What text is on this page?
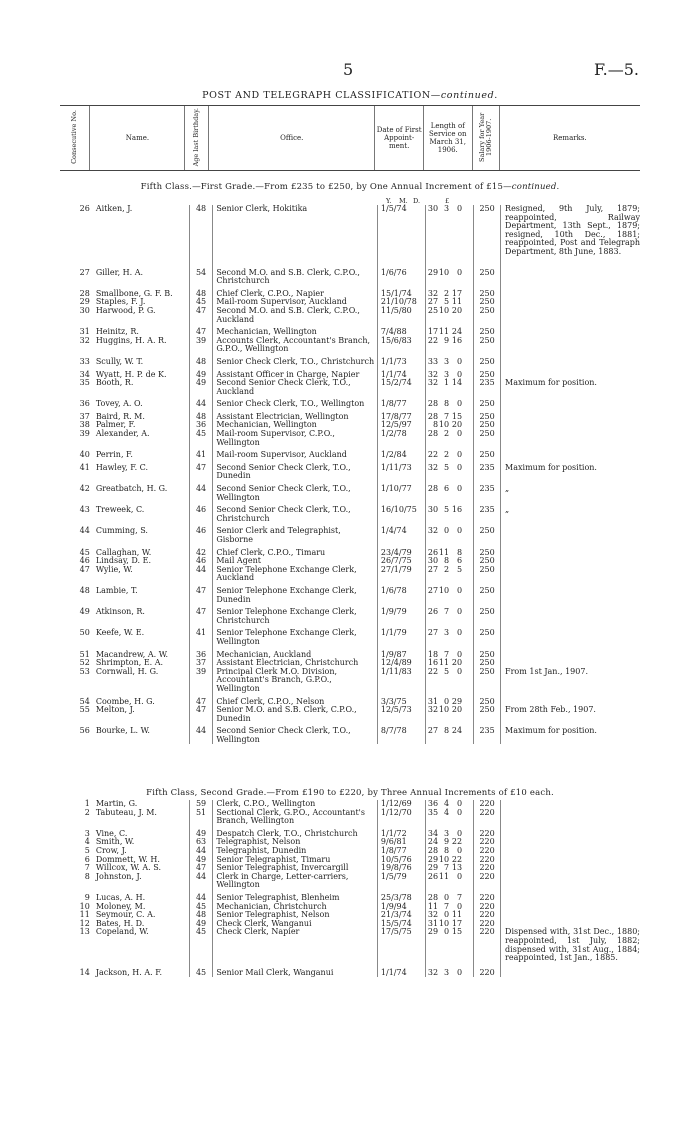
5	F.—5.
POST AND TELEGRAPH CLASSIFICATION—continued.
Consecutive No.	Name.	Age last Birthday.	Office.	Date of First Appoint-ment.	Length of Service on March 31, 1906.	Salary for Year 1906-1907.	Remarks.
Fifth Class.—First Grade.—From £235 to £250, by One Annual Increment of £15—continued.
Y. M. D.	£
26	Aitken, J.	48	Senior Clerk, Hokitika	1/5/74	30 3 0	250	Resigned, 9th July, 1879; reappointed, Railway Department, 13th Sept., 1879; resigned, 10th Dec., 1881; reappointed, Post and Telegraph Department, 8th June, 1883.
27	Giller, H. A.	54	Second M.O. and S.B. Clerk, C.P.O., Christchurch	1/6/76	2910 0	250	
28	Smallbone, G. F. B.	48	Chief Clerk, C.P.O., Napier	15/1/74	32 2 17	250	
29	Staples, F. J.	45	Mail-room Supervisor, Auckland	21/10/78	27 5 11	250	
30	Harwood, P. G.	47	Second M.O. and S.B. Clerk, C.P.O., Auckland	11/5/80	2510 20	250	
31	Heinitz, R.	47	Mechanician, Wellington	7/4/88	1711 24	250	
32	Huggins, H. A. R.	39	Accounts Clerk, Accountant's Branch, G.P.O., Wellington	15/6/83	22 9 16	250	
33	Scully, W. T.	48	Senior Check Clerk, T.O., Christchurch	1/1/73	33 3 0	250	
34	Wyatt, H. P. de K.	49	Assistant Officer in Charge, Napier	1/1/74	32 3 0	250	
35	Booth, R.	49	Second Senior Check Clerk, T.O., Auckland	15/2/74	32 1 14	235	Maximum for position.
36	Tovey, A. O.	44	Senior Check Clerk, T.O., Wellington	1/8/77	28 8 0	250	
37	Baird, R. M.	48	Assistant Electrician, Wellington	17/8/77	28 7 15	250	
38	Palmer, F.	36	Mechanician, Wellington	12/5/97	810 20	250	
39	Alexander, A.	45	Mail-room Supervisor, C.P.O., Wellington	1/2/78	28 2 0	250	
40	Perrin, F.	41	Mail-room Supervisor, Auckland	1/2/84	22 2 0	250	
41	Hawley, F. C.	47	Second Senior Check Clerk, T.O., Dunedin	1/11/73	32 5 0	235	Maximum for position.
42	Greatbatch, H. G.	44	Second Senior Check Clerk, T.O., Wellington	1/10/77	28 6 0	235	„
43	Treweek, C.	46	Second Senior Check Clerk, T.O., Christchurch	16/10/75	30 5 16	235	„
44	Cumming, S.	46	Senior Clerk and Telegraphist, Gisborne	1/4/74	32 0 0	250	
45	Callaghan, W.	42	Chief Clerk, C.P.O., Timaru	23/4/79	2611 8	250	
46	Lindsay, D. E.	46	Mail Agent	26/7/75	30 8 6	250	
47	Wylie, W.	44	Senior Telephone Exchange Clerk, Auckland	27/1/79	27 2 5	250	
48	Lambie, T.	47	Senior Telephone Exchange Clerk, Dunedin	1/6/78	2710 0	250	
49	Atkinson, R.	47	Senior Telephone Exchange Clerk, Christchurch	1/9/79	26 7 0	250	
50	Keefe, W. E.	41	Senior Telephone Exchange Clerk, Wellington	1/1/79	27 3 0	250	
51	Macandrew, A. W.	36	Mechanician, Auckland	1/9/87	18 7 0	250	
52	Shrimpton, E. A.	37	Assistant Electrician, Christchurch	12/4/89	1611 20	250	
53	Cornwall, H. G.	39	Principal Clerk M.O. Division, Accountant's Branch, G.P.O., Wellington	1/11/83	22 5 0	250	From 1st Jan., 1907.
54	Coombe, H. G.	47	Chief Clerk, C.P.O., Nelson	3/3/75	31 0 29	250	
55	Melton, J.	47	Senior M.O. and S.B. Clerk, C.P.O., Dunedin	12/5/73	3210 20	250	From 28th Feb., 1907.
56	Bourke, L. W.	44	Second Senior Check Clerk, T.O., Wellington	8/7/78	27 8 24	235	Maximum for position.
Fifth Class, Second Grade.—From £190 to £220, by Three Annual Increments of £10 each.
1	Martin, G.	59	Clerk, C.P.O., Wellington	1/12/69	36 4 0	220	
2	Tabuteau, J. M.	51	Sectional Clerk, G.P.O., Accountant's Branch, Wellington	1/12/70	35 4 0	220	
3	Vine, C.	49	Despatch Clerk, T.O., Christchurch	1/1/72	34 3 0	220	
4	Smith, W.	63	Telegraphist, Nelson	9/6/81	24 9 22	220	
5	Crow, J.	44	Telegraphist, Dunedin	1/8/77	28 8 0	220	
6	Dommett, W. H.	49	Senior Telegraphist, Timaru	10/5/76	2910 22	220	
7	Willcox, W. A. S.	47	Senior Telegraphist, Invercargill	19/8/76	29 7 13	220	
8	Johnston, J.	44	Clerk in Charge, Letter-carriers, Wellington	1/5/79	2611 0	220	
9	Lucas, A. H.	44	Senior Telegraphist, Blenheim	25/3/78	28 0 7	220	
10	Moloney, M.	45	Mechanician, Christchurch	1/9/94	11 7 0	220	
11	Seymour, C. A.	48	Senior Telegraphist, Nelson	21/3/74	32 0 11	220	
12	Bates, H. D.	49	Check Clerk, Wanganui	15/5/74	3110 17	220	
13	Copeland, W.	45	Check Clerk, Napier	17/5/75	29 0 15	220	Dispensed with, 31st Dec., 1880; reappointed, 1st July, 1882; dispensed with, 31st Aug., 1884; reappointed, 1st Jan., 1885.
14	Jackson, H. A. F.	45	Senior Mail Clerk, Wanganui	1/1/74	32 3 0	220	
